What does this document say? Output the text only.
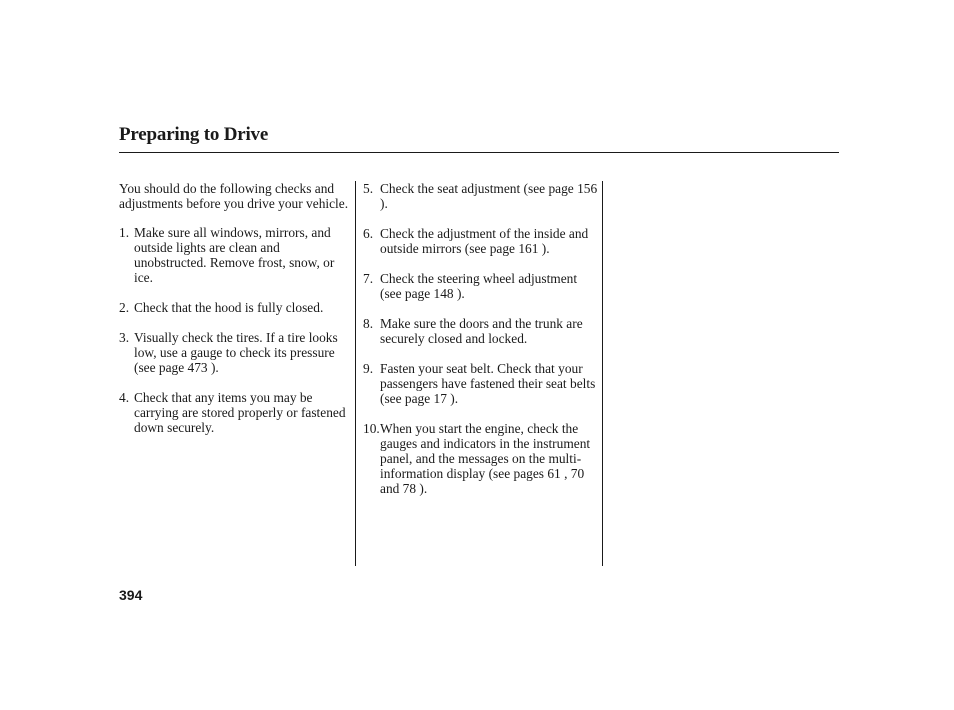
Preparing to Drive

You should do the following checks and adjustments before you drive your vehicle.

1. Make sure all windows, mirrors, and outside lights are clean and unobstructed. Remove frost, snow, or ice.
2. Check that the hood is fully closed.
3. Visually check the tires. If a tire looks low, use a gauge to check its pressure (see page 473 ).
4. Check that any items you may be carrying are stored properly or fastened down securely.
5. Check the seat adjustment (see page 156 ).
6. Check the adjustment of the inside and outside mirrors (see page 161 ).
7. Check the steering wheel adjustment (see page 148 ).
8. Make sure the doors and the trunk are securely closed and locked.
9. Fasten your seat belt. Check that your passengers have fastened their seat belts (see page 17 ).
10. When you start the engine, check the gauges and indicators in the instrument panel, and the messages on the multi-information display (see pages 61 , 70 and 78 ).
394
